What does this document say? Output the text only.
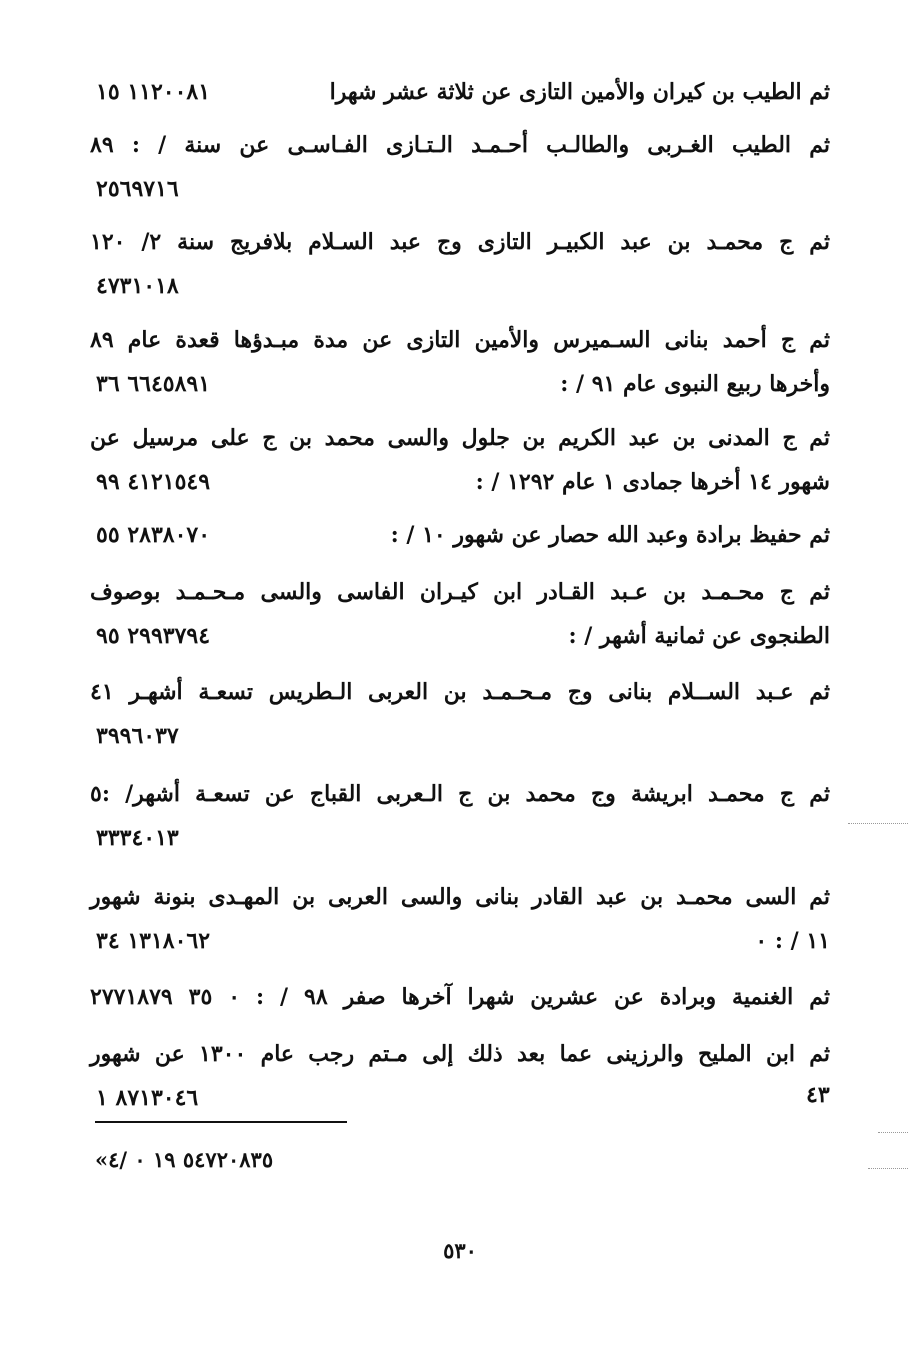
ثم الطيب بن كيران والأمين التازى عن ثلاثة عشر شهرا
١١٢٠٠٨١ ١٥
ثم الطيب الغـربى والطالـب أحـمـد الـتـازى الفـاسـى عن سنة / : ٨٩
٢٥٦٩٧١٦
ثم ج محمـد بن عبد الكبيـر التازى وج عبد السـلام بلافريج سنة ٢/ ١٢٠
٤٧٣١٠١٨
ثم ج أحمد بنانى السـميرس والأمين التازى عن مدة مبـدؤها قعدة عام ٨٩
وأخرها ربيع النبوى عام ٩١ / :
٦٦٤٥٨٩١ ٣٦
ثم ج المدنى بن عبد الكريم بن جلول والسى محمد بن ج على مرسيل عن
شهور ١٤ أخرها جمادى ١ عام ١٢٩٢ / :
٤١٢١٥٤٩ ٩٩
ثم حفيظ برادة وعبد الله حصار عن شهور ١٠ / :
٢٨٣٨٠٧٠ ٥٥
ثم ج محـمـد بن عـبد القـادر ابن كيـران الفاسى والسى مـحـمـد بوصوف
الطنجوى عن ثمانية أشهر / :
٢٩٩٣٧٩٤ ٩٥
ثم عـبد الســلام بنانى وج مـحـمـد بن العربى الـطريس تسعـة أشهـر ٤١
٣٩٩٦٠٣٧
ثم ج محمـد ابريشة وج محمد بن ج الـعربى القباج عن تسعـة أشهر/ :٥
٣٣٣٤٠١٣
ثم السى محمـد بن عبد القادر بنانى والسى العربى بن المهـدى بنونة شهور
١١ / : ٠
١٣١٨٠٦٢ ٣٤
ثم الغنمية وبرادة عن عشرين شهرا آخرها صفر ٩٨ / : ٠ ٣٥ ٢٧٧١٨٧٩
ثم ابن المليح والرزينى عما بعد ذلك إلى مـتم رجب عام ١٣٠٠ عن شهور
٨٧١٣٠٤٦ ١	٤٣
«٥٤٧٢٠٨٣٥ ١٩ ٠ /٤
٥٣٠
